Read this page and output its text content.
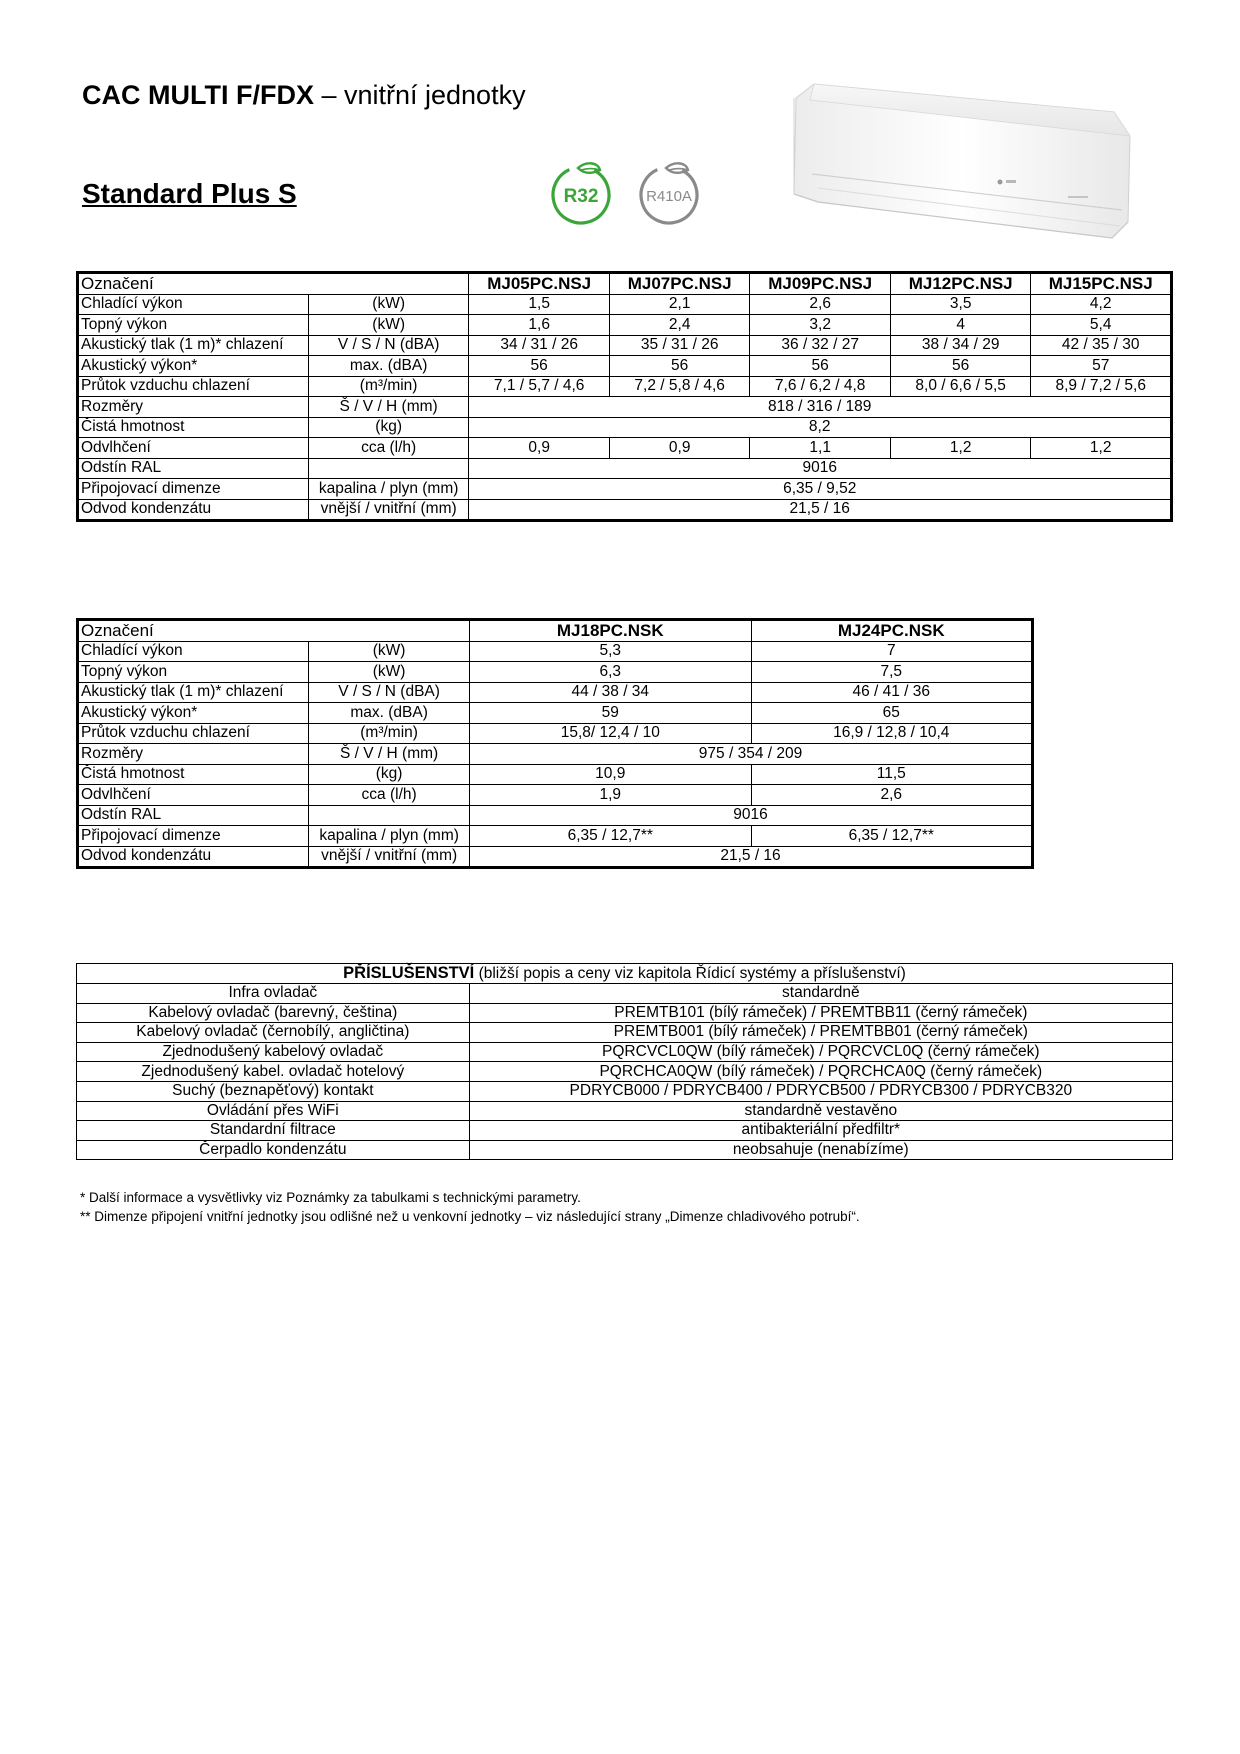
CAC MULTI F/FDX – vnitřní jednotky
Standard Plus S	R32	R410A
Označení		MJ05PC.NSJ	MJ07PC.NSJ	MJ09PC.NSJ	MJ12PC.NSJ	MJ15PC.NSJ
Chladící výkon	(kW)	1,5	2,1	2,6	3,5	4,2
Topný výkon	(kW)	1,6	2,4	3,2	4	5,4
Akustický tlak (1 m)* chlazení	V / S / N (dBA)	34 / 31 / 26	35 / 31 / 26	36 / 32 / 27	38 / 34 / 29	42 / 35 / 30
Akustický výkon*	max. (dBA)	56	56	56	56	57
Průtok vzduchu chlazení	(m³/min)	7,1 / 5,7 / 4,6	7,2 / 5,8 / 4,6	7,6 / 6,2 / 4,8	8,0 / 6,6 / 5,5	8,9 / 7,2 / 5,6
Rozměry	Š / V / H (mm)	818 / 316 / 189				
Čistá hmotnost	(kg)	8,2				
Odvlhčení	cca (l/h)	0,9	0,9	1,1	1,2	1,2
Odstín RAL		9016				
Připojovací dimenze	kapalina / plyn (mm)	6,35 / 9,52				
Odvod kondenzátu	vnější / vnitřní (mm)	21,5 / 16				
Označení		MJ18PC.NSK	MJ24PC.NSK
Chladící výkon	(kW)	5,3	7
Topný výkon	(kW)	6,3	7,5
Akustický tlak (1 m)* chlazení	V / S / N (dBA)	44 / 38 / 34	46 / 41 / 36
Akustický výkon*	max. (dBA)	59	65
Průtok vzduchu chlazení	(m³/min)	15,8/ 12,4 / 10	16,9 / 12,8 / 10,4
Rozměry	Š / V / H (mm)	975 / 354 / 209	
Čistá hmotnost	(kg)	10,9	11,5
Odvlhčení	cca (l/h)	1,9	2,6
Odstín RAL		9016	
Připojovací dimenze	kapalina / plyn (mm)	6,35 / 12,7**	6,35 / 12,7**
Odvod kondenzátu	vnější / vnitřní (mm)	21,5 / 16	
PŘÍSLUŠENSTVÍ (bližší popis a ceny viz kapitola Řídicí systémy a příslušenství)	
Infra ovladač	standardně
Kabelový ovladač (barevný, čeština)	PREMTB101 (bílý rámeček) / PREMTBB11 (černý rámeček)
Kabelový ovladač (černobílý, angličtina)	PREMTB001 (bílý rámeček) / PREMTBB01 (černý rámeček)
Zjednodušený kabelový ovladač	PQRCVCL0QW (bílý rámeček) / PQRCVCL0Q (černý rámeček)
Zjednodušený kabel. ovladač hotelový	PQRCHCA0QW (bílý rámeček) / PQRCHCA0Q (černý rámeček)
Suchý (beznapěťový) kontakt	PDRYCB000 / PDRYCB400 / PDRYCB500 / PDRYCB300 / PDRYCB320
Ovládání přes WiFi	standardně vestavěno
Standardní filtrace	antibakteriální předfiltr*
Čerpadlo kondenzátu	neobsahuje (nenabízíme)
* Další informace a vysvětlivky viz Poznámky za tabulkami s technickými parametry.
** Dimenze připojení vnitřní jednotky jsou odlišné než u venkovní jednotky – viz následující strany „Dimenze chladivového potrubí“.
